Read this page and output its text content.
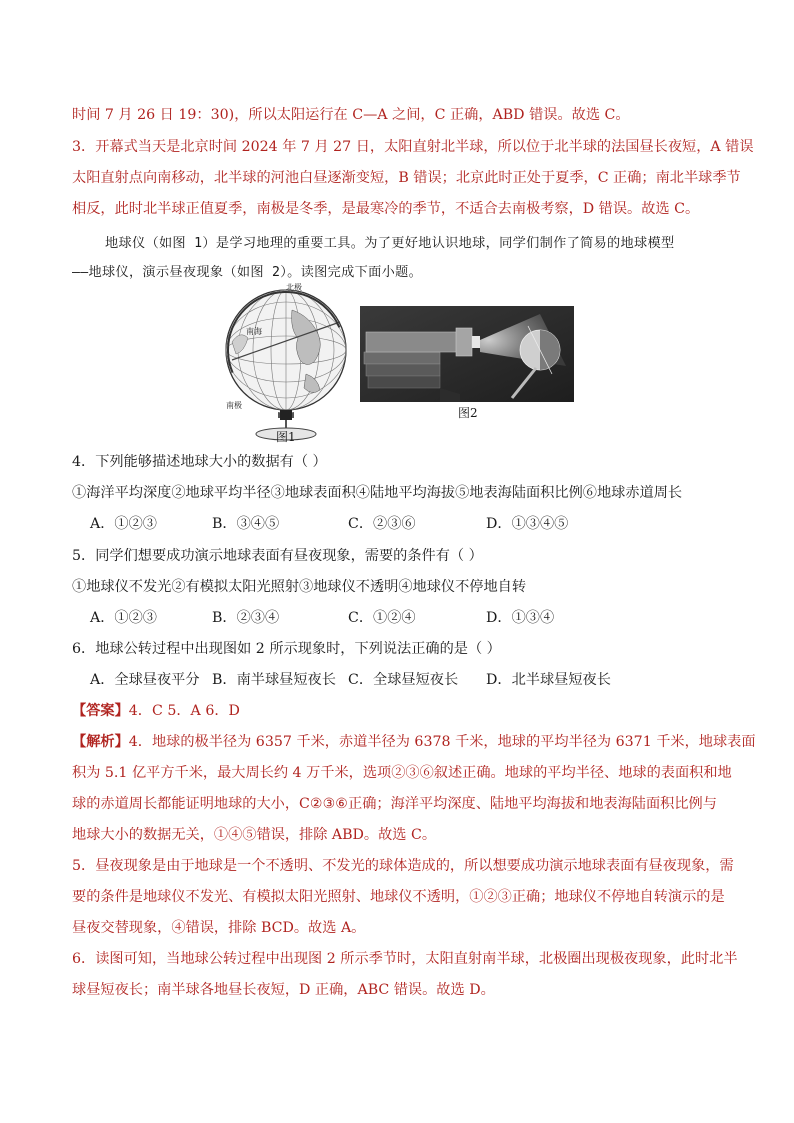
时间 7 月 26 日 19：30)，所以太阳运行在 C—A 之间，C 正确，ABD 错误。故选 C。
3．开幕式当天是北京时间 2024 年 7 月 27 日，太阳直射北半球，所以位于北半球的法国昼长夜短，A 错误
太阳直射点向南移动，北半球的河池白昼逐渐变短，B 错误；北京此时正处于夏季，C 正确；南北半球季节
相反，此时北半球正值夏季，南极是冬季，是最寒冷的季节，不适合去南极考察，D 错误。故选 C。
地球仪（如图 1）是学习地理的重要工具。为了更好地认识地球，同学们制作了简易的地球模型
——地球仪，演示昼夜现象（如图 2）。读图完成下面小题。
北极
南海
南极
图1
图2
4．下列能够描述地球大小的数据有（ ）
①海洋平均深度②地球平均半径③地球表面积④陆地平均海拔⑤地表海陆面积比例⑥地球赤道周长
A．①②③	B．③④⑤	C．②③⑥	D．①③④⑤
5．同学们想要成功演示地球表面有昼夜现象，需要的条件有（ ）
①地球仪不发光②有模拟太阳光照射③地球仪不透明④地球仪不停地自转
A．①②③	B．②③④	C．①②④	D．①③④
6．地球公转过程中出现图如 2 所示现象时，下列说法正确的是（ ）
A．全球昼夜平分 B．南半球昼短夜长 C．全球昼短夜长 D．北半球昼短夜长
【答案】4．C 5．A 6．D
【解析】4．地球的极半径为 6357 千米，赤道半径为 6378 千米，地球的平均半径为 6371 千米，地球表面
积为 5.1 亿平方千米，最大周长约 4 万千米，选项②③⑥叙述正确。地球的平均半径、地球的表面积和地
球的赤道周长都能证明地球的大小，C②③⑥正确；海洋平均深度、陆地平均海拔和地表海陆面积比例与
地球大小的数据无关，①④⑤错误，排除 ABD。故选 C。
5．昼夜现象是由于地球是一个不透明、不发光的球体造成的，所以想要成功演示地球表面有昼夜现象，需
要的条件是地球仪不发光、有模拟太阳光照射、地球仪不透明，①②③正确；地球仪不停地自转演示的是
昼夜交替现象，④错误，排除 BCD。故选 A。
6．读图可知，当地球公转过程中出现图 2 所示季节时，太阳直射南半球，北极圈出现极夜现象，此时北半
球昼短夜长；南半球各地昼长夜短，D 正确，ABC 错误。故选 D。
